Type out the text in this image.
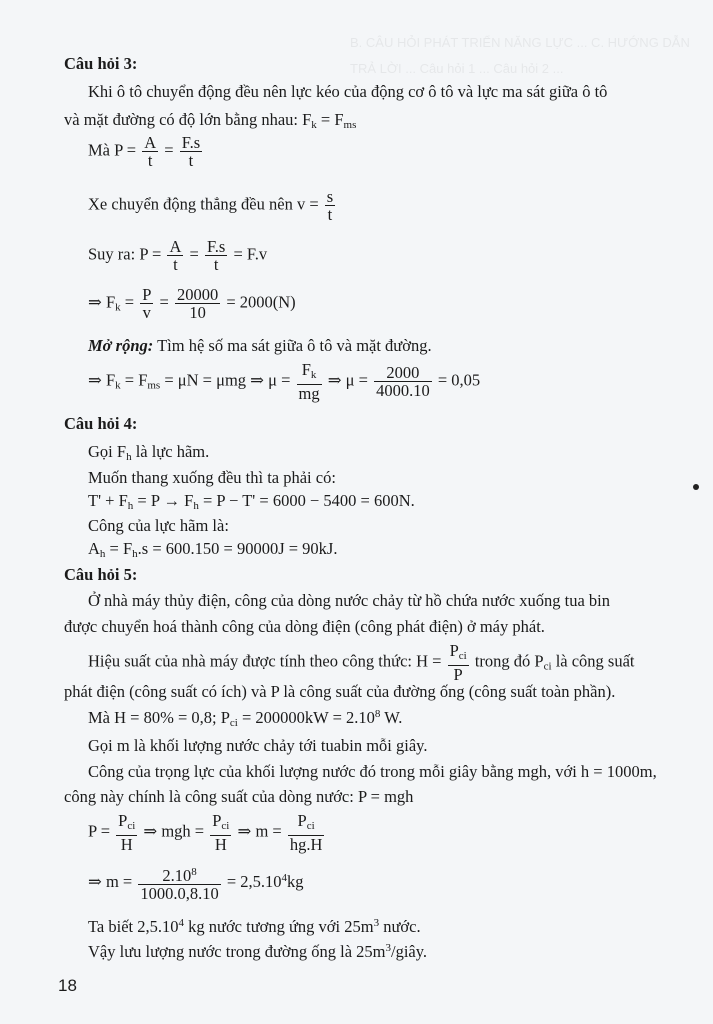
B. CÂU HỎI PHÁT TRIỂN NĂNG LỰC ... C. HƯỚNG DẪN TRẢ LỜI ... Câu hỏi 1 ... Câu hỏi 2 ...
Câu hỏi 3:
Khi ô tô chuyển động đều nên lực kéo của động cơ ô tô và lực ma sát giữa ô tô
và mặt đường có độ lớn bằng nhau: $F_k = F_{ms}$
Mà $P = \frac{A}{t} = \frac{F.s}{t}$
Xe chuyển động thẳng đều nên $v = \frac{s}{t}$
Suy ra: $P = \frac{A}{t} = \frac{F.s}{t} = F.v$
⇒ $F_k = \frac{P}{v} = \frac{20000}{10} = 2000(N)$
Mở rộng: Tìm hệ số ma sát giữa ô tô và mặt đường.
⇒ $F_k = F_{ms} = \mu N = \mu mg$ ⇒ $\mu = \frac{F_k}{mg}$ ⇒ $\mu = \frac{2000}{4000.10} = 0,05$
Câu hỏi 4:
Gọi $F_h$ là lực hãm.
Muốn thang xuống đều thì ta phải có:
$T' + F_h = P \to F_h = P - T' = 6000 - 5400 = 600N$.
Công của lực hãm là:
$A_h = F_h.s = 600.150 = 90000J = 90kJ$.
Câu hỏi 5:
Ở nhà máy thủy điện, công của dòng nước chảy từ hồ chứa nước xuống tua bin
được chuyển hoá thành công của dòng điện (công phát điện) ở máy phát.
Hiệu suất của nhà máy được tính theo công thức: $H = \frac{P_{ci}}{P}$ trong đó $P_{ci}$ là công suất
phát điện (công suất có ích) và P là công suất của đường ống (công suất toàn phần).
Mà H = 80% = 0,8; $P_{ci} = 200000kW = 2.10^8$ W.
Gọi m là khối lượng nước chảy tới tuabin mỗi giây.
Công của trọng lực của khối lượng nước đó trong mỗi giây bằng mgh, với h = 1000m,
công này chính là công suất của dòng nước: P = mgh
$P = \frac{P_{ci}}{H}$ ⇒ mgh = $\frac{P_{ci}}{H}$ ⇒ $m = \frac{P_{ci}}{hg.H}$
⇒ $m = \frac{2.10^8}{1000.0,8.10} = 2,5.10^4kg$
Ta biết 2,5.10$^4$ kg nước tương ứng với $25m^3$ nước.
Vậy lưu lượng nước trong đường ống là $25m^3$/giây.
18
